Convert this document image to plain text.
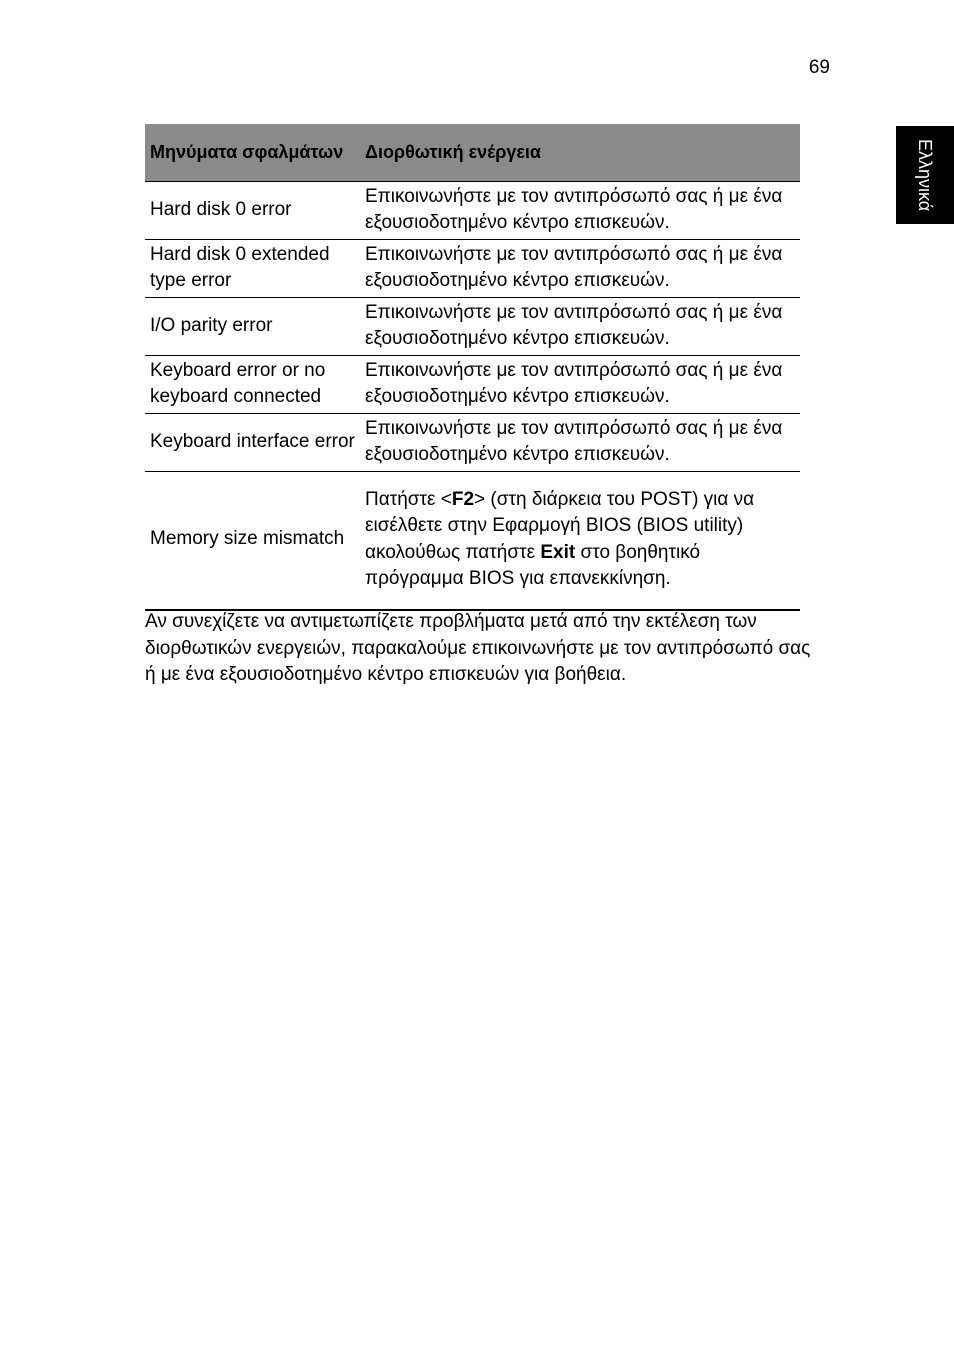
69
Ελληνικά
Μηνύματα σφαλμάτων	Διορθωτική ενέργεια
Hard disk 0 error	Επικοινωνήστε με τον αντιπρόσωπό σας ή με ένα εξουσιοδοτημένο κέντρο επισκευών.
Hard disk 0 extended type error	Επικοινωνήστε με τον αντιπρόσωπό σας ή με ένα εξουσιοδοτημένο κέντρο επισκευών.
I/O parity error	Επικοινωνήστε με τον αντιπρόσωπό σας ή με ένα εξουσιοδοτημένο κέντρο επισκευών.
Keyboard error or no keyboard connected	Επικοινωνήστε με τον αντιπρόσωπό σας ή με ένα εξουσιοδοτημένο κέντρο επισκευών.
Keyboard interface error	Επικοινωνήστε με τον αντιπρόσωπό σας ή με ένα εξουσιοδοτημένο κέντρο επισκευών.
Memory size mismatch	Πατήστε <F2> (στη διάρκεια του POST) για να εισέλθετε στην Εφαρμογή BIOS (BIOS utility) ακολούθως πατήστε Exit στο βοηθητικό πρόγραμμα BIOS για επανεκκίνηση.

Αν συνεχίζετε να αντιμετωπίζετε προβλήματα μετά από την εκτέλεση των διορθωτικών ενεργειών, παρακαλούμε επικοινωνήστε με τον αντιπρόσωπό σας ή με ένα εξουσιοδοτημένο κέντρο επισκευών για βοήθεια.
